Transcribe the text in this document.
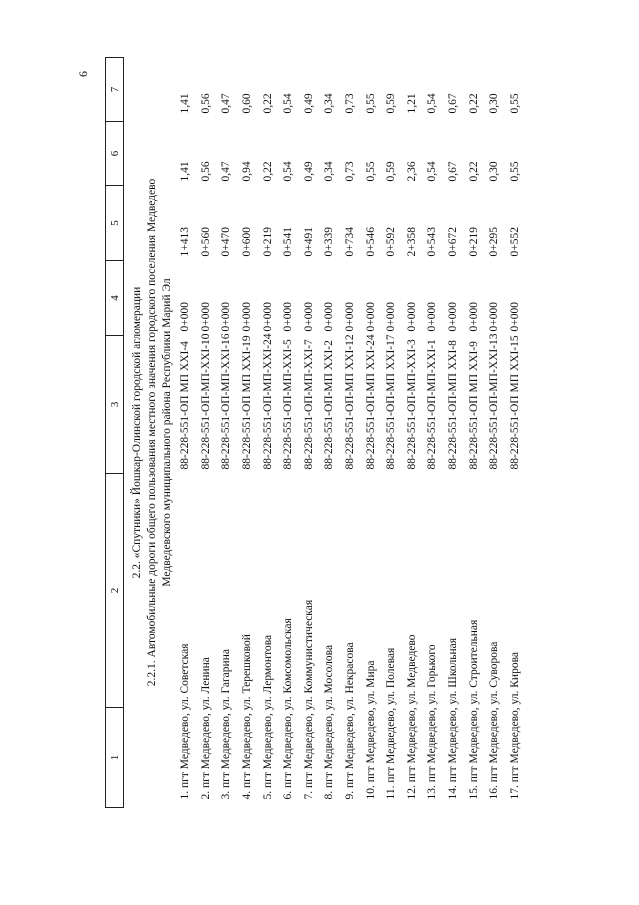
6
1	2	3	4	5	6	7
2.2. «Спутники» Йошкар-Олинской городской агломерации						
2.2.1. Автомобильные дороги общего пользования местного значения городского поселения Медведево						
Медведевского муниципального района Республики Марий Эл						
1. пгт Медведево, ул. Советская		88-228-551-ОП МП XXI-4	0+000	1+413	1,41	1,41
2. пгт Медведево, ул. Ленина		88-228-551-ОП-МП-XXI-10	0+000	0+560	0,56	0,56
3. пгт Медведево, ул. Гагарина		88-228-551-ОП-МП-XXI-16	0+000	0+470	0,47	0,47
4. пгт Медведево, ул. Терешковой		88-228-551-ОП МП XXI-19	0+000	0+600	0,94	0,60
5. пгт Медведево, ул. Лермонтова		88-228-551-ОП-МП-XXI-24	0+000	0+219	0,22	0,22
6. пгт Медведево, ул. Комсомольская		88-228-551-ОП-МП-XXI-5	0+000	0+541	0,54	0,54
7. пгт Медведево, ул. Коммунистическая		88-228-551-ОП-МП-XXI-7	0+000	0+491	0,49	0,49
8. пгт Медведево, ул. Мосолова		88-228-551-ОП-МП XXI-2	0+000	0+339	0,34	0,34
9. пгт Медведево, ул. Некрасова		88-228-551-ОП-МП XXI-12	0+000	0+734	0,73	0,73
10. пгт Медведево, ул. Мира		88-228-551-ОП-МП XXI-24	0+000	0+546	0,55	0,55
11. пгт Медведево, ул. Полевая		88-228-551-ОП-МП XXI-17	0+000	0+592	0,59	0,59
12. пгт Медведево, ул. Медведево		88-228-551-ОП-МП-XXI-3	0+000	2+358	2,36	1,21
13. пгт Медведево, ул. Горького		88-228-551-ОП-МП-XXI-1	0+000	0+543	0,54	0,54
14. пгт Медведево, ул. Школьная		88-228-551-ОП-МП XXI-8	0+000	0+672	0,67	0,67
15. пгт Медведево, ул. Строительная		88-228-551-ОП МП XXI-9	0+000	0+219	0,22	0,22
16. пгт Медведево, ул. Суворова		88-228-551-ОП-МП-XXI-13	0+000	0+295	0,30	0,30
17. пгт Медведево, ул. Кирова		88-228-551-ОП МП XXI-15	0+000	0+552	0,55	0,55
